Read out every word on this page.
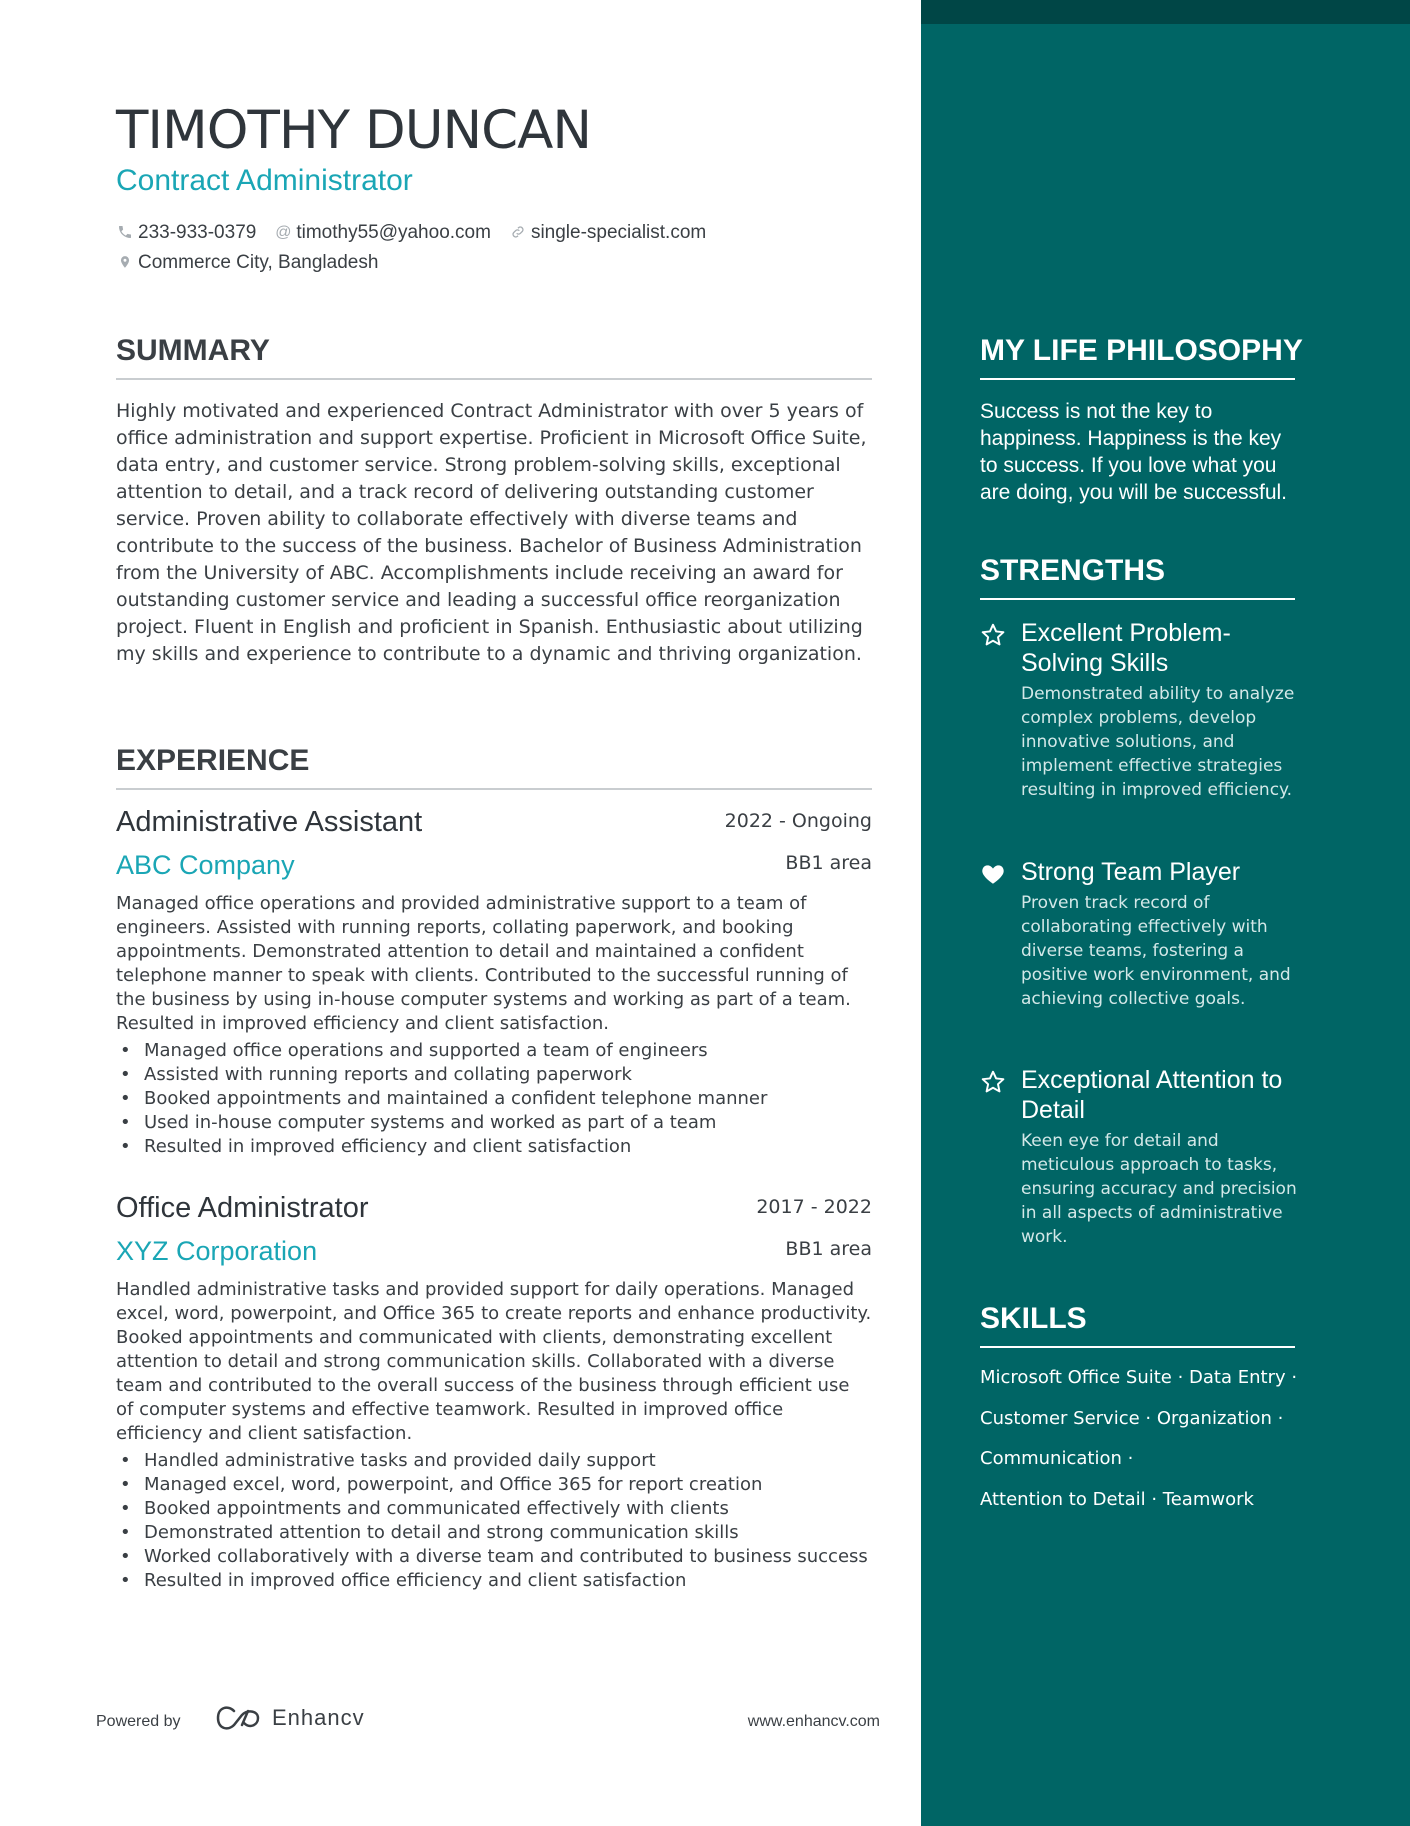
TIMOTHY DUNCAN
Contract Administrator
233-933-0379 @ timothy55@yahoo.com single-specialist.com
Commerce City, Bangladesh
SUMMARY

Highly motivated and experienced Contract Administrator with over 5 years of office administration and support expertise. Proficient in Microsoft Office Suite, data entry, and customer service. Strong problem-solving skills, exceptional attention to detail, and a track record of delivering outstanding customer service. Proven ability to collaborate effectively with diverse teams and contribute to the success of the business. Bachelor of Business Administration from the University of ABC. Accomplishments include receiving an award for outstanding customer service and leading a successful office reorganization project. Fluent in English and proficient in Spanish. Enthusiastic about utilizing my skills and experience to contribute to a dynamic and thriving organization.

EXPERIENCE
Administrative Assistant	2022 - Ongoing
ABC Company	BB1 area

Managed office operations and provided administrative support to a team of engineers. Assisted with running reports, collating paperwork, and booking appointments. Demonstrated attention to detail and maintained a confident telephone manner to speak with clients. Contributed to the successful running of the business by using in-house computer systems and working as part of a team. Resulted in improved efficiency and client satisfaction.

• Managed office operations and supported a team of engineers
• Assisted with running reports and collating paperwork
• Booked appointments and maintained a confident telephone manner
• Used in-house computer systems and worked as part of a team
• Resulted in improved efficiency and client satisfaction
Office Administrator	2017 - 2022
XYZ Corporation	BB1 area

Handled administrative tasks and provided support for daily operations. Managed excel, word, powerpoint, and Office 365 to create reports and enhance productivity. Booked appointments and communicated with clients, demonstrating excellent attention to detail and strong communication skills. Collaborated with a diverse team and contributed to the overall success of the business through efficient use of computer systems and effective teamwork. Resulted in improved office efficiency and client satisfaction.

• Handled administrative tasks and provided daily support
• Managed excel, word, powerpoint, and Office 365 for report creation
• Booked appointments and communicated effectively with clients
• Demonstrated attention to detail and strong communication skills
• Worked collaboratively with a diverse team and contributed to business success
• Resulted in improved office efficiency and client satisfaction
Powered by	Enhancv	www.enhancv.com
MY LIFE PHILOSOPHY

Success is not the key to happiness. Happiness is the key to success. If you love what you are doing, you will be successful.

STRENGTHS
Excellent Problem-Solving Skills

Demonstrated ability to analyze complex problems, develop innovative solutions, and implement effective strategies resulting in improved efficiency.

Strong Team Player

Proven track record of collaborating effectively with diverse teams, fostering a positive work environment, and achieving collective goals.

Exceptional Attention to Detail

Keen eye for detail and meticulous approach to tasks, ensuring accuracy and precision in all aspects of administrative work.

SKILLS
Microsoft Office Suite · Data Entry ·
Customer Service · Organization ·
Communication ·
Attention to Detail · Teamwork
